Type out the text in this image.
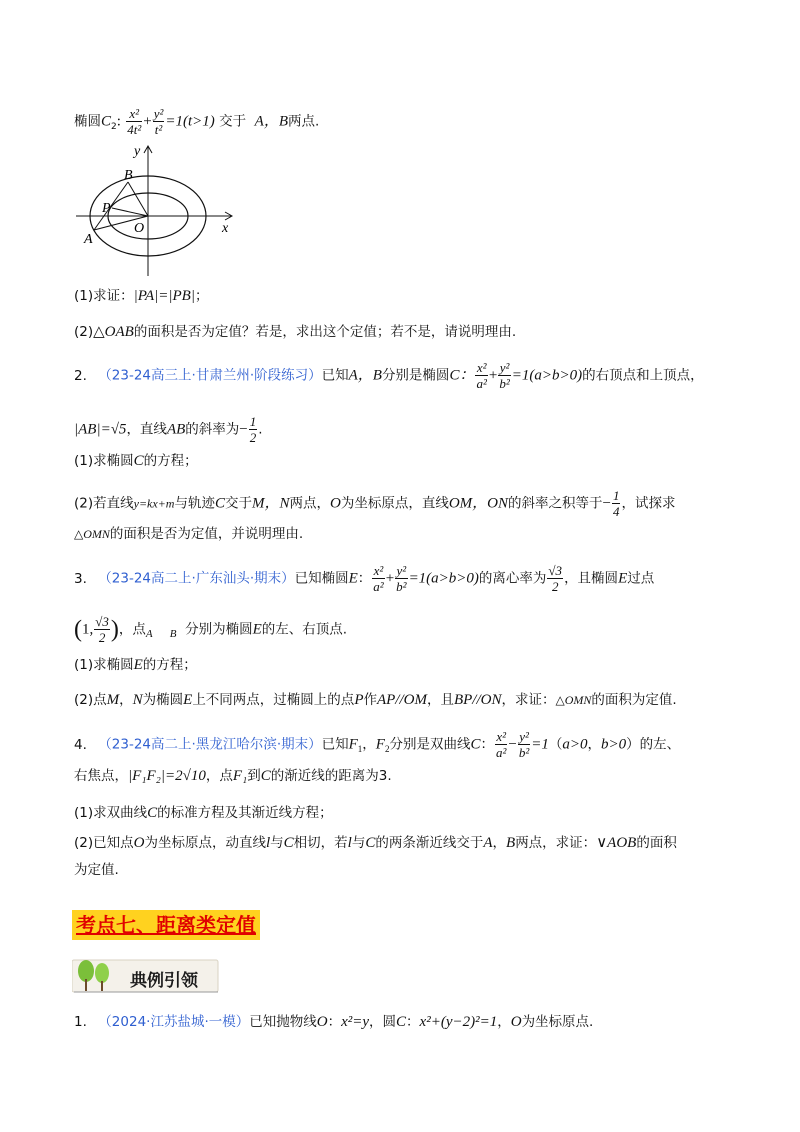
椭圆$C_2$: $\frac{\text{x²}}{\text{4t²}} + \frac{\text{y²}}{\text{t²}} =1(t>1)$ 交于 A，B两点.
y
x
B
P
A
O
(1)求证：|PA|=|PB|；
(2)△OAB的面积是否为定值？若是，求出这个定值；若不是，请说明理由.
2. （23-24高三上·甘肃兰州·阶段练习）已知A，B分别是椭圆C： $\frac{\text{x²}}{\text{a²}} + \frac{\text{y²}}{\text{b²}} =1(a>b>0)$的右顶点和上顶点，
|AB|=√5，直线AB的斜率为− $\frac{1}{2}$ .
(1)求椭圆C的方程；
(2)若直线y=kx+m与轨迹C交于M，N两点，O为坐标原点，直线OM，ON的斜率之积等于− $\frac{1}{4}$ ，试探求
△OMN的面积是否为定值，并说明理由.
3. （23-24高二上·广东汕头·期末）已知椭圆E： $\frac{\text{x²}}{\text{a²}} + \frac{\text{y²}}{\text{b²}} =1(a>b>0)$的离心率为 $\frac{√3}{2}$ ，且椭圆E过点
(1, $\frac{√3}{2}$ )，点$_A$ $_B$ 分别为椭圆E的左、右顶点.
(1)求椭圆E的方程；
(2)点M，N为椭圆E上不同两点，过椭圆上的点P作AP//OM，且BP//ON，求证：△OMN的面积为定值.
4. （23-24高二上·黑龙江哈尔滨·期末）已知$F_1$，$F_2$分别是双曲线C： $\frac{\text{x²}}{\text{a²}} - \frac{\text{y²}}{\text{b²}} =1(a>0$，b>0）的左、
右焦点，|F₁F₂|=2√10，点F₁到C的渐近线的距离为3.
(1)求双曲线C的标准方程及其渐近线方程；
(2)已知点O为坐标原点，动直线l与C相切，若l与C的两条渐近线交于A，B两点，求证：∨AOB的面积
为定值.
考点七、距离类定值
典例引领
1. （2024·江苏盐城·一模）已知抛物线O：x²=y，圆C：x²+(y−2)²=1，O为坐标原点.
